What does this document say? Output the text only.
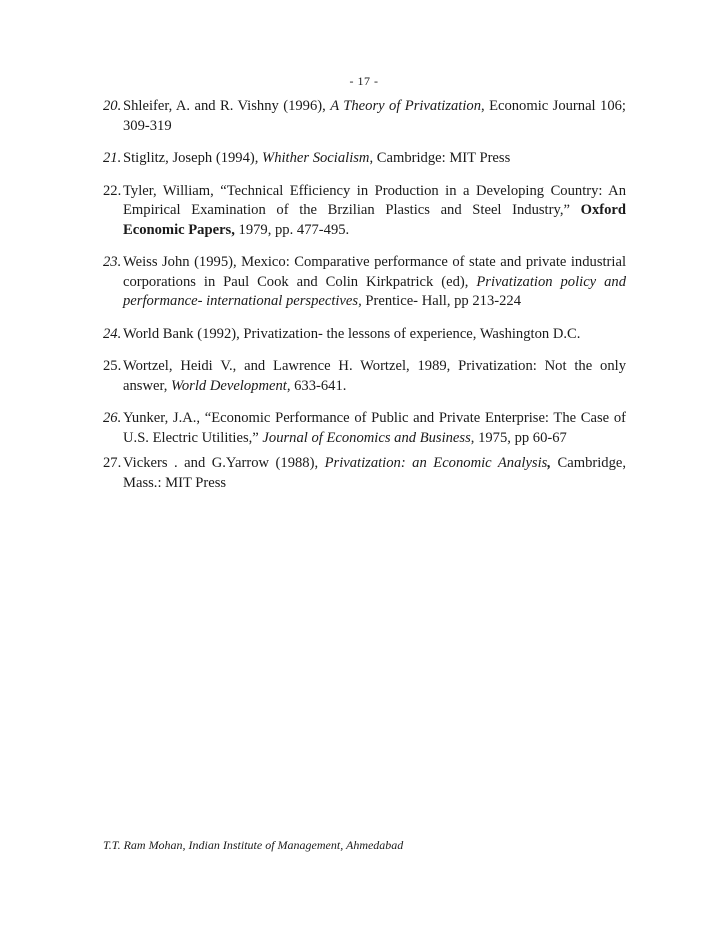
- 17 -
20. Shleifer, A. and R. Vishny (1996), A Theory of Privatization, Economic Journal 106; 309-319
21. Stiglitz, Joseph (1994), Whither Socialism, Cambridge: MIT Press
22. Tyler, William, “Technical Efficiency in Production in a Developing Country: An Empirical Examination of the Brzilian Plastics and Steel Industry,” Oxford Economic Papers, 1979, pp. 477-495.
23. Weiss John (1995), Mexico: Comparative performance of state and private industrial corporations in Paul Cook and Colin Kirkpatrick (ed), Privatization policy and performance- international perspectives, Prentice- Hall, pp 213-224
24. World Bank (1992), Privatization- the lessons of experience, Washington D.C.
25. Wortzel, Heidi V., and Lawrence H. Wortzel, 1989, Privatization: Not the only answer, World Development, 633-641.
26. Yunker, J.A., “Economic Performance of Public and Private Enterprise: The Case of U.S. Electric Utilities,” Journal of Economics and Business, 1975, pp 60-67
27. Vickers . and G.Yarrow (1988), Privatization: an Economic Analysis, Cambridge, Mass.: MIT Press
T.T. Ram Mohan, Indian Institute of Management, Ahmedabad
